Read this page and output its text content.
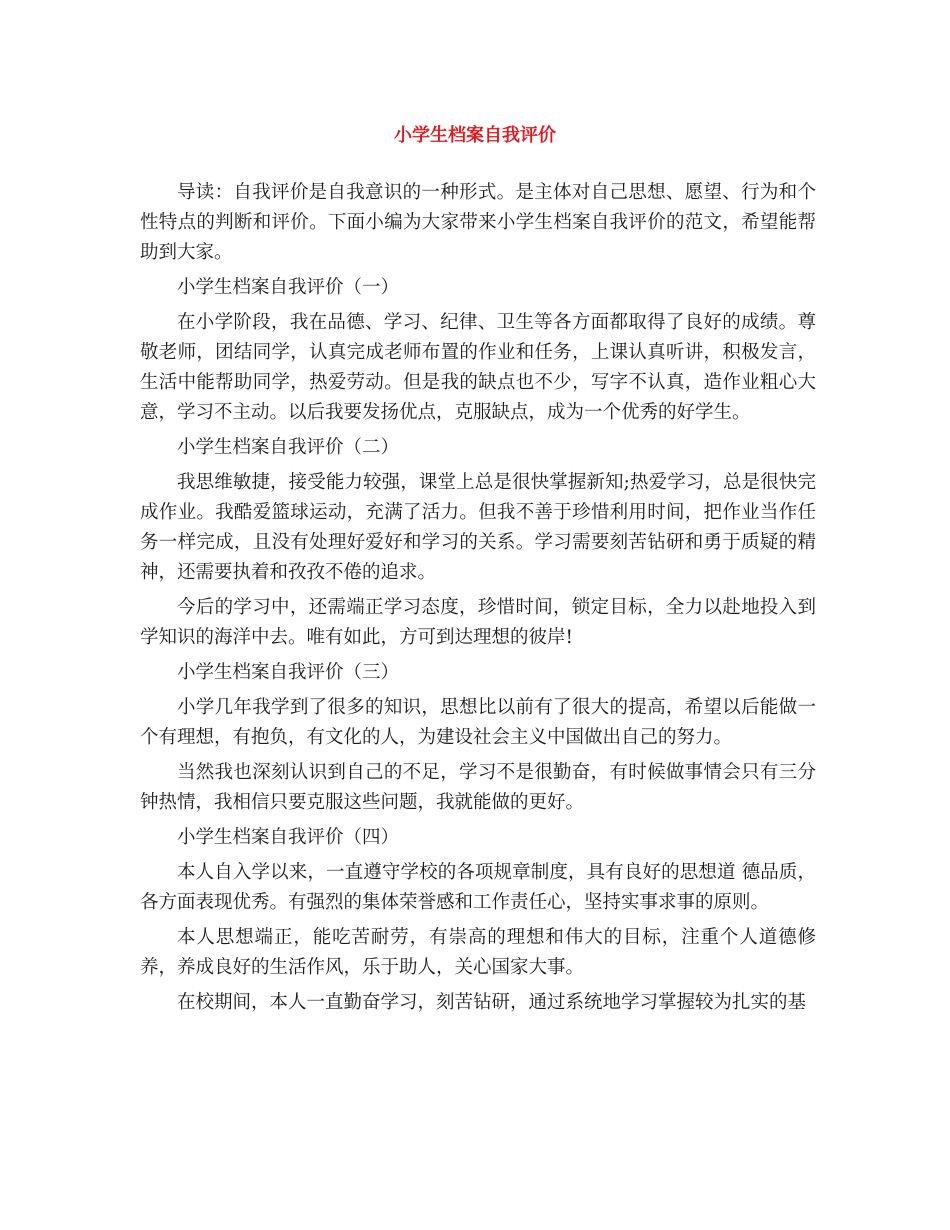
小学生档案自我评价

导读：自我评价是自我意识的一种形式。是主体对自己思想、愿望、行为和个性特点的判断和评价。下面小编为大家带来小学生档案自我评价的范文，希望能帮助到大家。

小学生档案自我评价（一）

在小学阶段，我在品德、学习、纪律、卫生等各方面都取得了良好的成绩。尊敬老师，团结同学，认真完成老师布置的作业和任务，上课认真听讲，积极发言，生活中能帮助同学，热爱劳动。但是我的缺点也不少，写字不认真，造作业粗心大意，学习不主动。以后我要发扬优点，克服缺点，成为一个优秀的好学生。

小学生档案自我评价（二）

我思维敏捷，接受能力较强，课堂上总是很快掌握新知;热爱学习，总是很快完成作业。我酷爱篮球运动，充满了活力。但我不善于珍惜利用时间，把作业当作任务一样完成，且没有处理好爱好和学习的关系。学习需要刻苦钻研和勇于质疑的精神，还需要执着和孜孜不倦的追求。

今后的学习中，还需端正学习态度，珍惜时间，锁定目标，全力以赴地投入到学知识的海洋中去。唯有如此，方可到达理想的彼岸!

小学生档案自我评价（三）

小学几年我学到了很多的知识，思想比以前有了很大的提高，希望以后能做一个有理想，有抱负，有文化的人，为建设社会主义中国做出自己的努力。

当然我也深刻认识到自己的不足，学习不是很勤奋，有时候做事情会只有三分钟热情，我相信只要克服这些问题，我就能做的更好。

小学生档案自我评价（四）

本人自入学以来，一直遵守学校的各项规章制度，具有良好的思想道 德品质，各方面表现优秀。有强烈的集体荣誉感和工作责任心，坚持实事求事的原则。

本人思想端正，能吃苦耐劳，有崇高的理想和伟大的目标，注重个人道德修养，养成良好的生活作风，乐于助人，关心国家大事。

在校期间，本人一直勤奋学习，刻苦钻研，通过系统地学习掌握较为扎实的基
